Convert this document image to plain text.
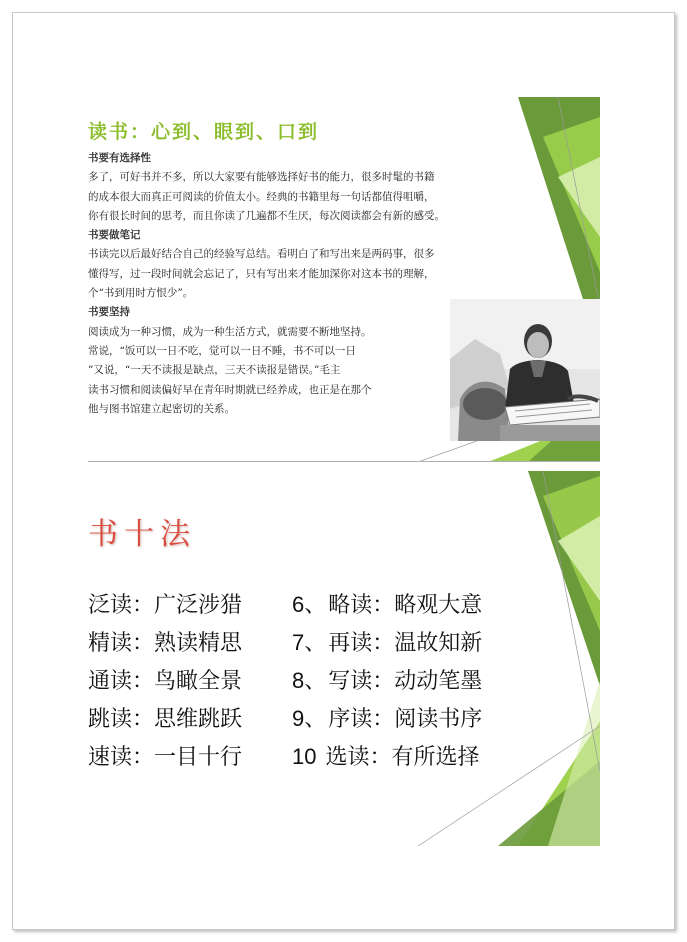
读书：心到、眼到、口到
书要有选择性
多了，可好书并不多，所以大家要有能够选择好书的能力，很多时髦的书籍
的成本很大而真正可阅读的价值太小。经典的书籍里每一句话都值得咀嚼，
你有很长时间的思考，而且你读了几遍都不生厌，每次阅读都会有新的感受。
书要做笔记
书读完以后最好结合自己的经验写总结。看明白了和写出来是两码事，很多
懂得写，过一段时间就会忘记了，只有写出来才能加深你对这本书的理解，
个“书到用时方恨少”。
书要坚持
阅读成为一种习惯，成为一种生活方式，就需要不断地坚持。
常说，“饭可以一日不吃，觉可以一日不睡，书不可以一日
”又说，“一天不读报是缺点，三天不读报是错误。”毛主
读书习惯和阅读偏好早在青年时期就已经养成，也正是在那个
他与图书馆建立起密切的关系。
书十法
泛读：广泛涉猎 6、略读：略观大意
精读：熟读精思 7、再读：温故知新
通读：鸟瞰全景 8、写读：动动笔墨
跳读：思维跳跃 9、序读：阅读书序
速读：一目十行 10 选读：有所选择
